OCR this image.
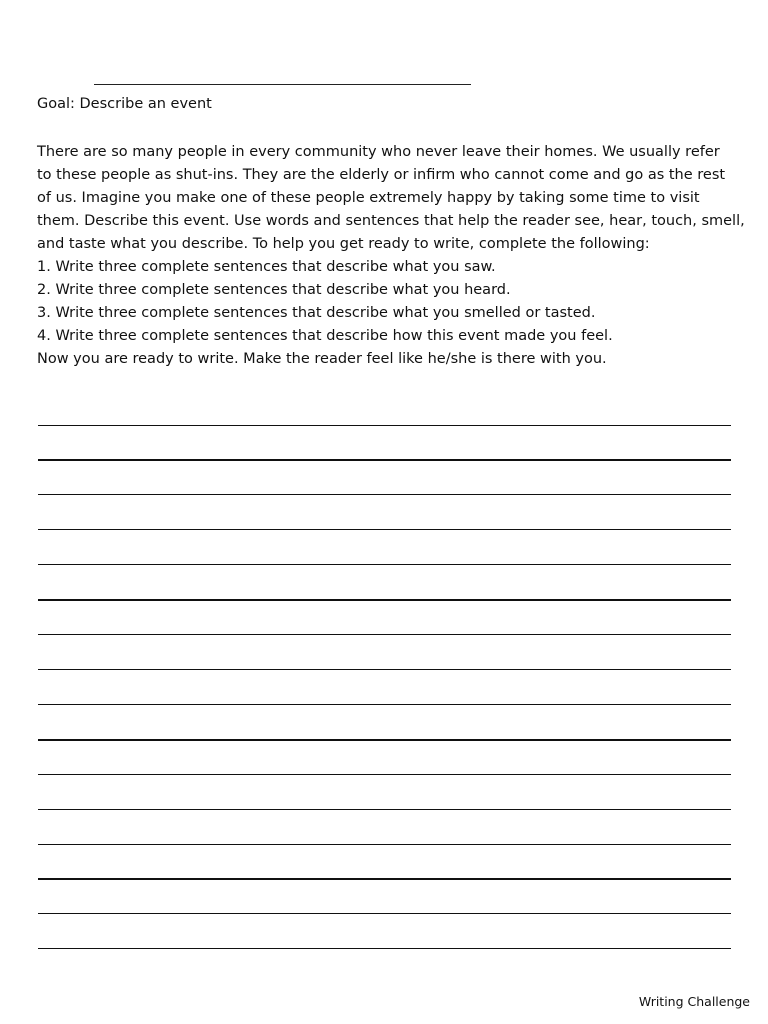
Goal: Describe an event
There are so many people in every community who never leave their homes. We usually refer
to these people as shut-ins. They are the elderly or infirm who cannot come and go as the rest
of us. Imagine you make one of these people extremely happy by taking some time to visit
them. Describe this event. Use words and sentences that help the reader see, hear, touch, smell,
and taste what you describe. To help you get ready to write, complete the following:
1. Write three complete sentences that describe what you saw.
2. Write three complete sentences that describe what you heard.
3. Write three complete sentences that describe what you smelled or tasted.
4. Write three complete sentences that describe how this event made you feel.
Now you are ready to write. Make the reader feel like he/she is there with you.
Writing Challenge
